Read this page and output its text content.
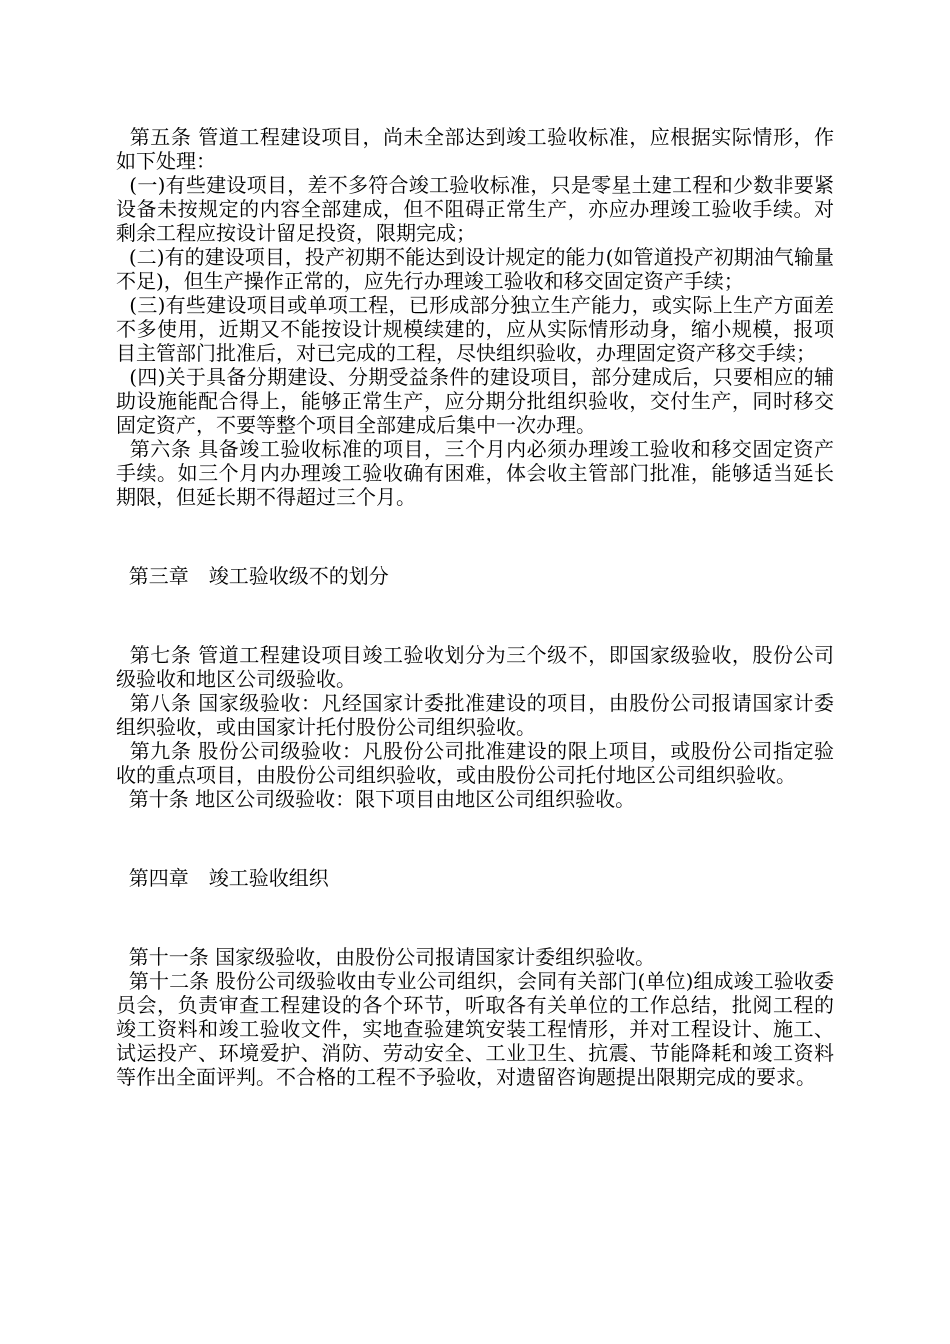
第五条 管道工程建设项目，尚未全部达到竣工验收标准，应根据实际情形，作如下处理：

(一)有些建设项目，差不多符合竣工验收标准，只是零星土建工程和少数非要紧设备未按规定的内容全部建成，但不阻碍正常生产，亦应办理竣工验收手续。对剩余工程应按设计留足投资，限期完成；

(二)有的建设项目，投产初期不能达到设计规定的能力(如管道投产初期油气输量不足)，但生产操作正常的，应先行办理竣工验收和移交固定资产手续；

(三)有些建设项目或单项工程，已形成部分独立生产能力，或实际上生产方面差不多使用，近期又不能按设计规模续建的，应从实际情形动身，缩小规模，报项目主管部门批准后，对已完成的工程，尽快组织验收，办理固定资产移交手续；

(四)关于具备分期建设、分期受益条件的建设项目，部分建成后，只要相应的辅助设施能配合得上，能够正常生产，应分期分批组织验收，交付生产，同时移交固定资产，不要等整个项目全部建成后集中一次办理。

第六条 具备竣工验收标准的项目，三个月内必须办理竣工验收和移交固定资产手续。如三个月内办理竣工验收确有困难，体会收主管部门批准，能够适当延长期限，但延长期不得超过三个月。

第三章　竣工验收级不的划分

第七条 管道工程建设项目竣工验收划分为三个级不，即国家级验收，股份公司级验收和地区公司级验收。

第八条 国家级验收：凡经国家计委批准建设的项目，由股份公司报请国家计委组织验收，或由国家计托付股份公司组织验收。

第九条 股份公司级验收：凡股份公司批准建设的限上项目，或股份公司指定验收的重点项目，由股份公司组织验收，或由股份公司托付地区公司组织验收。

第十条 地区公司级验收：限下项目由地区公司组织验收。

第四章　竣工验收组织

第十一条 国家级验收，由股份公司报请国家计委组织验收。

第十二条 股份公司级验收由专业公司组织，会同有关部门(单位)组成竣工验收委员会，负责审查工程建设的各个环节，听取各有关单位的工作总结，批阅工程的竣工资料和竣工验收文件，实地查验建筑安装工程情形，并对工程设计、施工、试运投产、环境爱护、消防、劳动安全、工业卫生、抗震、节能降耗和竣工资料等作出全面评判。不合格的工程不予验收，对遗留咨询题提出限期完成的要求。
